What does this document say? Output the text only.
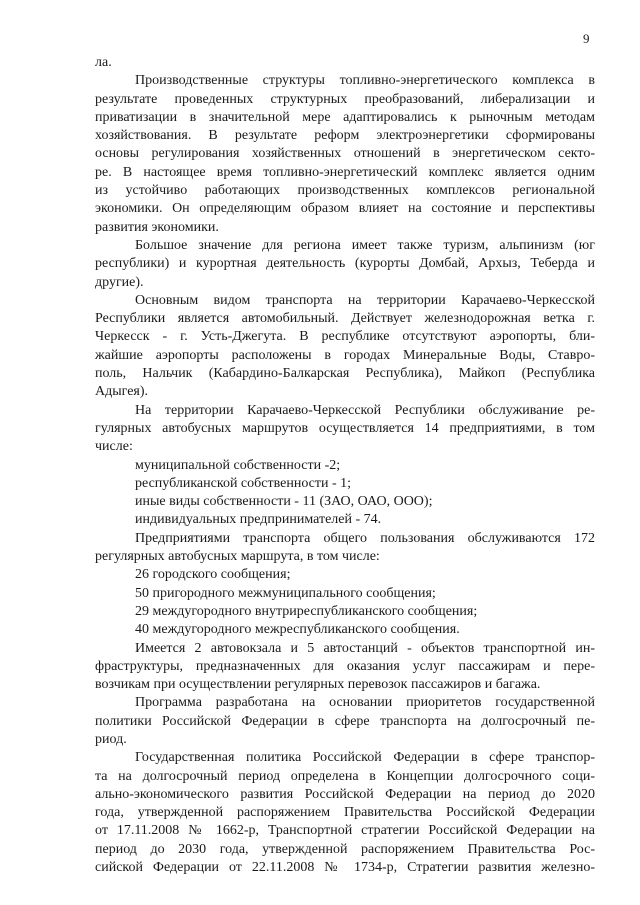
9
ла.
Производственные структуры топливно-энергетического комплекса в
результате проведенных структурных преобразований, либерализации и
приватизации в значительной мере адаптировались к рыночным методам
хозяйствования. В результате реформ электроэнергетики сформированы
основы регулирования хозяйственных отношений в энергетическом секто-
ре. В настоящее время топливно-энергетический комплекс является одним
из устойчиво работающих производственных комплексов региональной
экономики. Он определяющим образом влияет на состояние и перспективы
развития экономики.
Большое значение для региона имеет также туризм, альпинизм (юг
республики) и курортная деятельность (курорты Домбай, Архыз, Теберда и
другие).
Основным видом транспорта на территории Карачаево-Черкесской
Республики является автомобильный. Действует железнодорожная ветка г.
Черкесск - г. Усть-Джегута. В республике отсутствуют аэропорты, бли-
жайшие аэропорты расположены в городах Минеральные Воды, Ставро-
поль, Нальчик (Кабардино-Балкарская Республика), Майкоп (Республика
Адыгея).
На территории Карачаево-Черкесской Республики обслуживание ре-
гулярных автобусных маршрутов осуществляется 14 предприятиями, в том
числе:
муниципальной собственности -2;
республиканской собственности - 1;
иные виды собственности - 11 (ЗАО, ОАО, ООО);
индивидуальных предпринимателей - 74.
Предприятиями транспорта общего пользования обслуживаются 172
регулярных автобусных маршрута, в том числе:
26 городского сообщения;
50 пригородного межмуниципального сообщения;
29 междугородного внутриреспубликанского сообщения;
40 междугородного межреспубликанского сообщения.
Имеется 2 автовокзала и 5 автостанций - объектов транспортной ин-
фраструктуры, предназначенных для оказания услуг пассажирам и пере-
возчикам при осуществлении регулярных перевозок пассажиров и багажа.
Программа разработана на основании приоритетов государственной
политики Российской Федерации в сфере транспорта на долгосрочный пе-
риод.
Государственная политика Российской Федерации в сфере транспор-
та на долгосрочный период определена в Концепции долгосрочного соци-
ально-экономического развития Российской Федерации на период до 2020
года, утвержденной распоряжением Правительства Российской Федерации
от 17.11.2008 № 1662-р, Транспортной стратегии Российской Федерации на
период до 2030 года, утвержденной распоряжением Правительства Рос-
сийской Федерации от 22.11.2008 № 1734-р, Стратегии развития железно-
